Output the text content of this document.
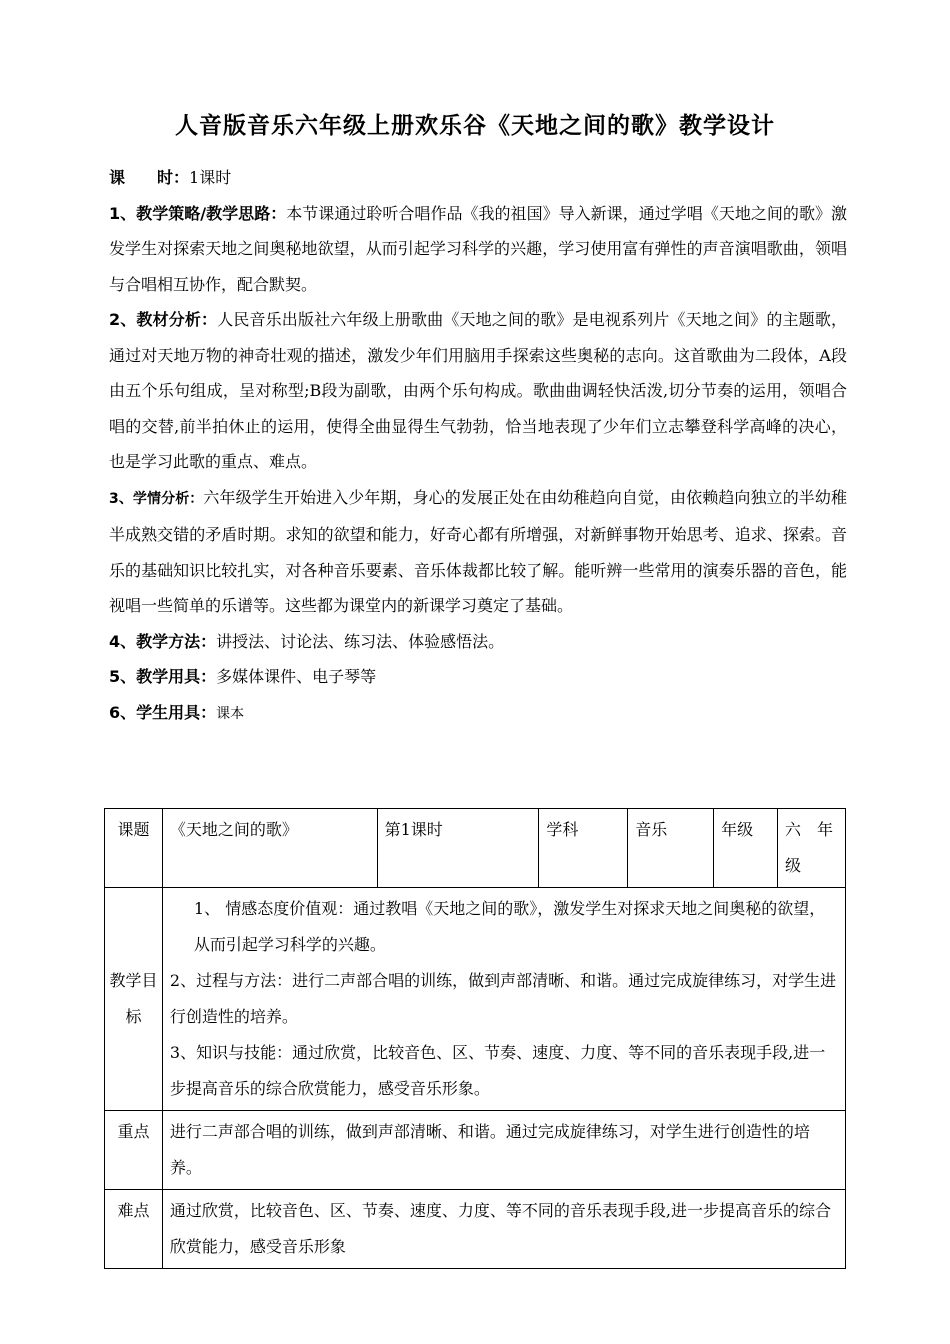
人音版音乐六年级上册欢乐谷《天地之间的歌》教学设计

课　　时：1课时

1、教学策略/教学思路：本节课通过聆听合唱作品《我的祖国》导入新课，通过学唱《天地之间的歌》激发学生对探索天地之间奥秘地欲望，从而引起学习科学的兴趣，学习使用富有弹性的声音演唱歌曲，领唱与合唱相互协作，配合默契。

2、教材分析：人民音乐出版社六年级上册歌曲《天地之间的歌》是电视系列片《天地之间》的主题歌，通过对天地万物的神奇壮观的描述，激发少年们用脑用手探索这些奥秘的志向。这首歌曲为二段体，A段由五个乐句组成，呈对称型;B段为副歌，由两个乐句构成。歌曲曲调轻快活泼,切分节奏的运用，领唱合唱的交替,前半拍休止的运用，使得全曲显得生气勃勃，恰当地表现了少年们立志攀登科学高峰的决心，也是学习此歌的重点、难点。

3、学情分析：六年级学生开始进入少年期，身心的发展正处在由幼稚趋向自觉，由依赖趋向独立的半幼稚半成熟交错的矛盾时期。求知的欲望和能力，好奇心都有所增强，对新鲜事物开始思考、追求、探索。音乐的基础知识比较扎实，对各种音乐要素、音乐体裁都比较了解。能听辨一些常用的演奏乐器的音色，能视唱一些简单的乐谱等。这些都为课堂内的新课学习奠定了基础。

4、教学方法：讲授法、讨论法、练习法、体验感悟法。

5、教学用具：多媒体课件、电子琴等

6、学生用具：课本

课题	《天地之间的歌》	第1课时	学科	音乐	年级	六　年级
教学目标	1、 情感态度价值观：通过教唱《天地之间的歌》，激发学生对探求天地之间奥秘的欲望，从而引起学习科学的兴趣。
2、过程与方法：进行二声部合唱的训练，做到声部清晰、和谐。通过完成旋律练习，对学生进行创造性的培养。
3、知识与技能：通过欣赏，比较音色、区、节奏、速度、力度、等不同的音乐表现手段,进一步提高音乐的综合欣赏能力，感受音乐形象。					

重点	进行二声部合唱的训练，做到声部清晰、和谐。通过完成旋律练习，对学生进行创造性的培养。					
难点	通过欣赏，比较音色、区、节奏、速度、力度、等不同的音乐表现手段,进一步提高音乐的综合欣赏能力，感受音乐形象					
